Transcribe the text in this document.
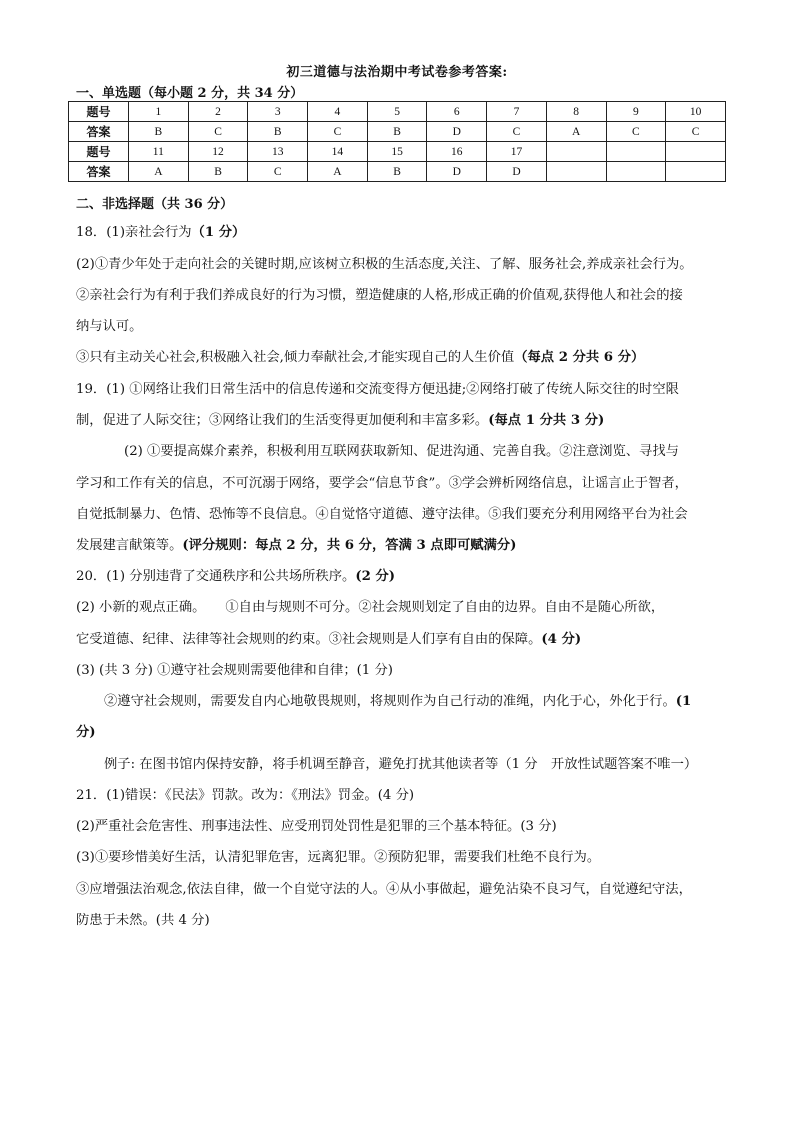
初三道德与法治期中考试卷参考答案:
一、单选题（每小题 2 分，共 34 分）
题号	1	2	3	4	5	6	7	8	9	10
答案	B	C	B	C	B	D	C	A	C	C
题号	11	12	13	14	15	16	17			
答案	A	B	C	A	B	D	D			
二、非选择题（共 36 分）
18．(1)亲社会行为（1 分）
(2)①青少年处于走向社会的关键时期,应该树立积极的生活态度,关注、了解、服务社会,养成亲社会行为。
②亲社会行为有利于我们养成良好的行为习惯，塑造健康的人格,形成正确的价值观,获得他人和社会的接
纳与认可。
③只有主动关心社会,积极融入社会,倾力奉献社会,才能实现自己的人生价值（每点 2 分共 6 分）
19．(1) ①网络让我们日常生活中的信息传递和交流变得方便迅捷;②网络打破了传统人际交往的时空限
制，促进了人际交往；③网络让我们的生活变得更加便利和丰富多彩。(每点 1 分共 3 分)
(2) ①要提高媒介素养，积极利用互联网获取新知、促进沟通、完善自我。②注意浏览、寻找与
学习和工作有关的信息，不可沉溺于网络，要学会“信息节食”。③学会辨析网络信息，让谣言止于智者，
自觉抵制暴力、色情、恐怖等不良信息。④自觉恪守道德、遵守法律。⑤我们要充分利用网络平台为社会
发展建言献策等。(评分规则：每点 2 分，共 6 分，答满 3 点即可赋满分)
20．(1) 分别违背了交通秩序和公共场所秩序。(2 分)
(2) 小新的观点正确。　　①自由与规则不可分。②社会规则划定了自由的边界。自由不是随心所欲，
它受道德、纪律、法律等社会规则的约束。③社会规则是人们享有自由的保障。(4 分)
(3) (共 3 分) ①遵守社会规则需要他律和自律；(1 分)
②遵守社会规则，需要发自内心地敬畏规则，将规则作为自己行动的准绳，内化于心，外化于行。(1
分)
例子: 在图书馆内保持安静，将手机调至静音，避免打扰其他读者等（1 分　开放性试题答案不唯一）
21．(1)错误：《民法》罚款。改为：《刑法》罚金。(4 分)
(2)严重社会危害性、刑事违法性、应受刑罚处罚性是犯罪的三个基本特征。(3 分)
(3)①要珍惜美好生活，认清犯罪危害，远离犯罪。②预防犯罪，需要我们杜绝不良行为。
③应增强法治观念,依法自律，做一个自觉守法的人。④从小事做起，避免沾染不良习气，自觉遵纪守法，
防患于未然。(共 4 分)
